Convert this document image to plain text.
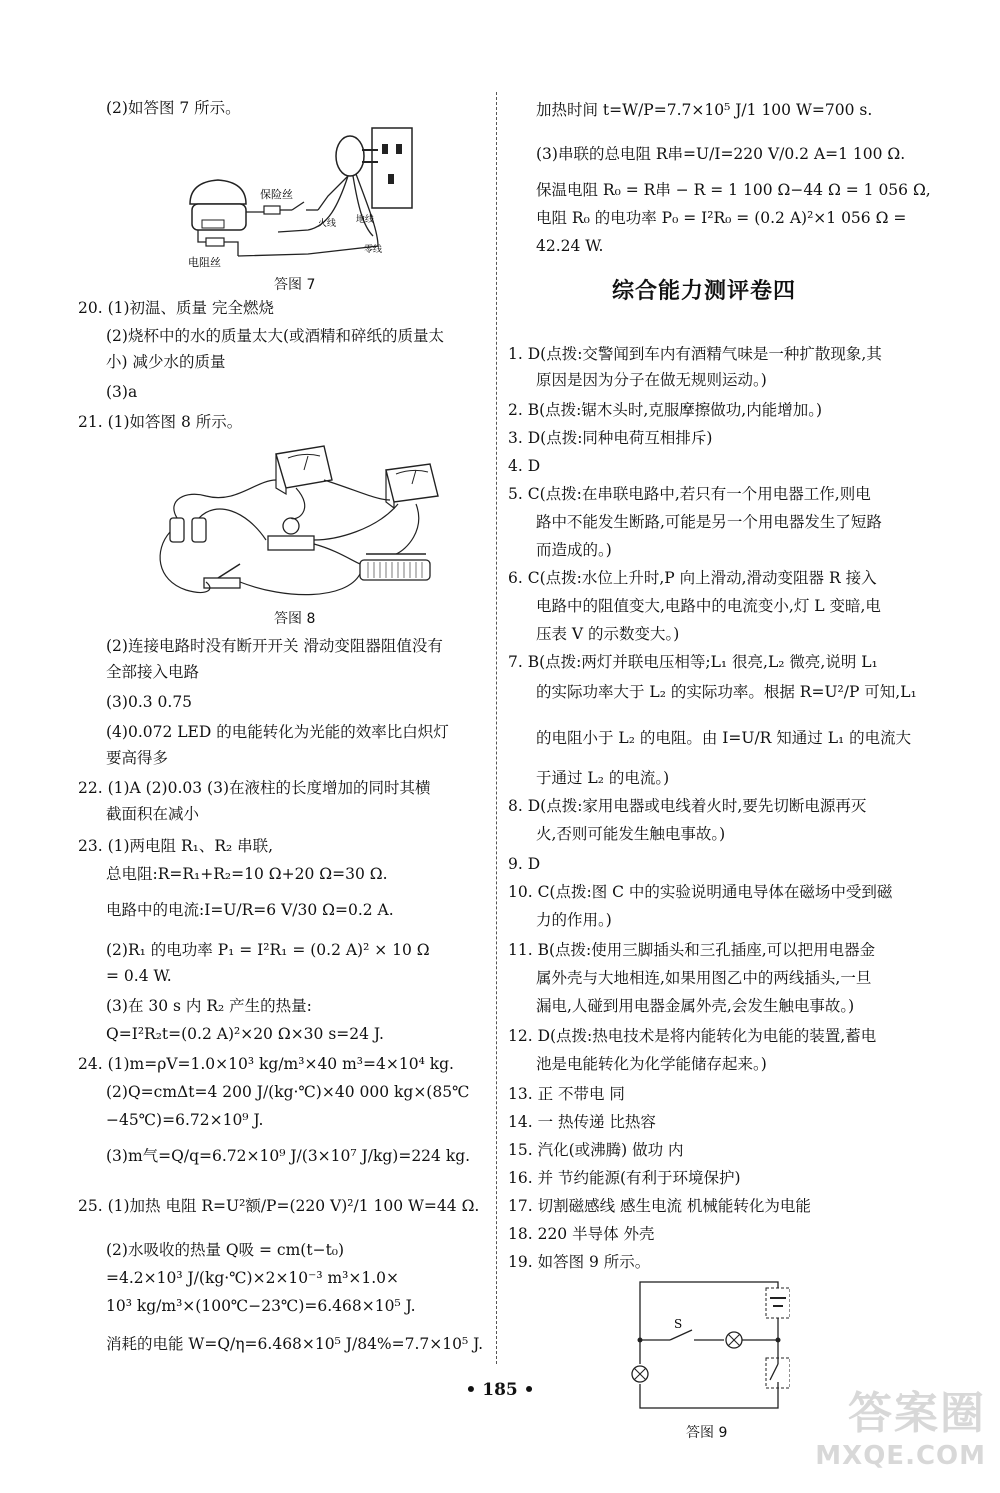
保险丝
火线 地线
零线
电阻丝
答图 7
答图 8
(2)如答图 7 所示。
20. (1)初温、质量 完全燃烧
(2)烧杯中的水的质量太大(或酒精和碎纸的质量太
小) 减少水的质量
(3)a
21. (1)如答图 8 所示。
(2)连接电路时没有断开开关 滑动变阻器阻值没有
全部接入电路
(3)0.3 0.75
(4)0.072 LED 的电能转化为光能的效率比白炽灯
要高得多
22. (1)A (2)0.03 (3)在液柱的长度增加的同时其横
截面积在减小
23. (1)两电阻 R₁、R₂ 串联,
总电阻:R=R₁+R₂=10 Ω+20 Ω=30 Ω.
电路中的电流:I=U/R=6 V/30 Ω=0.2 A.
(2)R₁ 的电功率 P₁ = I²R₁ = (0.2 A)² × 10 Ω
= 0.4 W.
(3)在 30 s 内 R₂ 产生的热量:
Q=I²R₂t=(0.2 A)²×20 Ω×30 s=24 J.
24. (1)m=ρV=1.0×10³ kg/m³×40 m³=4×10⁴ kg.
(2)Q=cmΔt=4 200 J/(kg·℃)×40 000 kg×(85℃
−45℃)=6.72×10⁹ J.
(3)m气=Q/q=6.72×10⁹ J/(3×10⁷ J/kg)=224 kg.
25. (1)加热 电阻 R=U²额/P=(220 V)²/1 100 W=44 Ω.
(2)水吸收的热量 Q吸 = cm(t−t₀)
=4.2×10³ J/(kg·℃)×2×10⁻³ m³×1.0×
10³ kg/m³×(100℃−23℃)=6.468×10⁵ J.
消耗的电能 W=Q/η=6.468×10⁵ J/84%=7.7×10⁵ J.
综合能力测评卷四
S
答图 9
加热时间 t=W/P=7.7×10⁵ J/1 100 W=700 s.
(3)串联的总电阻 R串=U/I=220 V/0.2 A=1 100 Ω.
保温电阻 R₀ = R串 − R = 1 100 Ω−44 Ω = 1 056 Ω,
电阻 R₀ 的电功率 P₀ = I²R₀ = (0.2 A)²×1 056 Ω =
42.24 W.
1. D(点拨:交警闻到车内有酒精气味是一种扩散现象,其
原因是因为分子在做无规则运动。)
2. B(点拨:锯木头时,克服摩擦做功,内能增加。)
3. D(点拨:同种电荷互相排斥)
4. D
5. C(点拨:在串联电路中,若只有一个用电器工作,则电
路中不能发生断路,可能是另一个用电器发生了短路
而造成的。)
6. C(点拨:水位上升时,P 向上滑动,滑动变阻器 R 接入
电路中的阻值变大,电路中的电流变小,灯 L 变暗,电
压表 V 的示数变大。)
7. B(点拨:两灯并联电压相等;L₁ 很亮,L₂ 微亮,说明 L₁
的实际功率大于 L₂ 的实际功率。根据 R=U²/P 可知,L₁
的电阻小于 L₂ 的电阻。由 I=U/R 知通过 L₁ 的电流大
于通过 L₂ 的电流。)
8. D(点拨:家用电器或电线着火时,要先切断电源再灭
火,否则可能发生触电事故。)
9. D
10. C(点拨:图 C 中的实验说明通电导体在磁场中受到磁
力的作用。)
11. B(点拨:使用三脚插头和三孔插座,可以把用电器金
属外壳与大地相连,如果用图乙中的两线插头,一旦
漏电,人碰到用电器金属外壳,会发生触电事故。)
12. D(点拨:热电技术是将内能转化为电能的装置,蓄电
池是电能转化为化学能储存起来。)
13. 正 不带电 同
14. 一 热传递 比热容
15. 汽化(或沸腾) 做功 内
16. 并 节约能源(有利于环境保护)
17. 切割磁感线 感生电流 机械能转化为电能
18. 220 半导体 外壳
19. 如答图 9 所示。
• 185 •	答案圈
MXQE.COM
